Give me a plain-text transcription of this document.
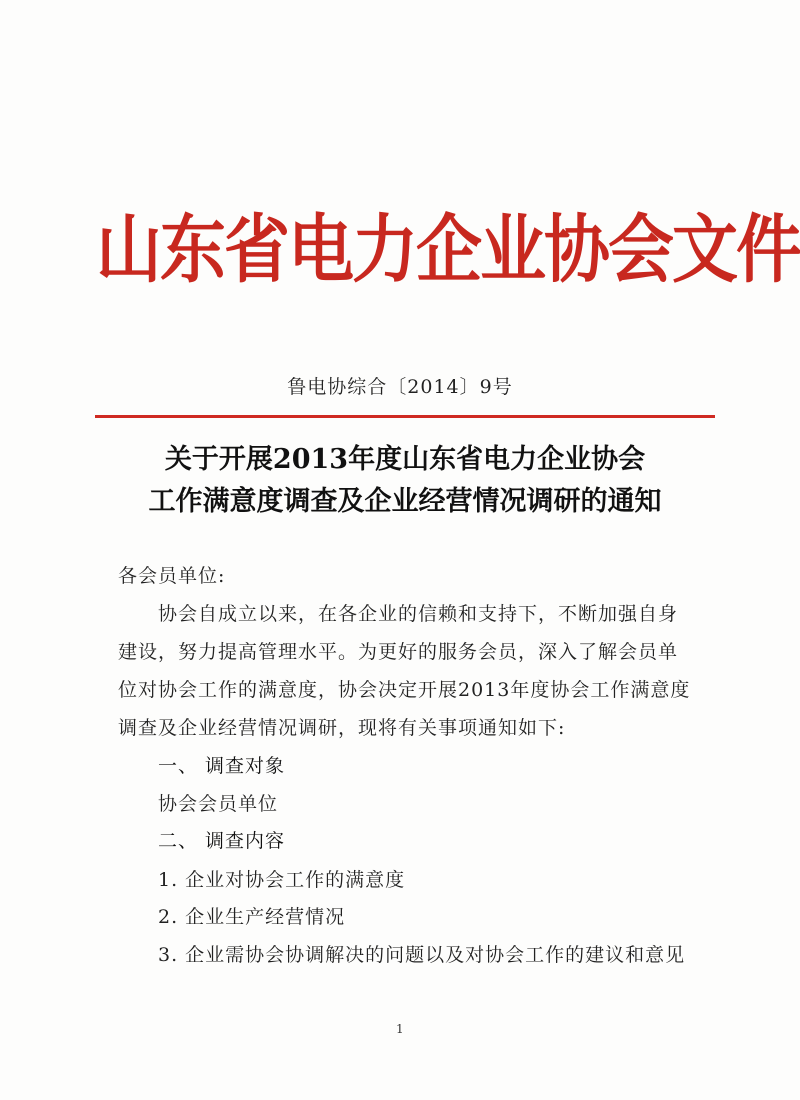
山东省电力企业协会文件
鲁电协综合〔2014〕9号
关于开展2013年度山东省电力企业协会
工作满意度调查及企业经营情况调研的通知
各会员单位:
协会自成立以来，在各企业的信赖和支持下，不断加强自身
建设，努力提高管理水平。为更好的服务会员，深入了解会员单
位对协会工作的满意度，协会决定开展2013年度协会工作满意度
调查及企业经营情况调研，现将有关事项通知如下:
一、 调查对象
协会会员单位
二、 调查内容
1. 企业对协会工作的满意度
2. 企业生产经营情况
3. 企业需协会协调解决的问题以及对协会工作的建议和意见
1
